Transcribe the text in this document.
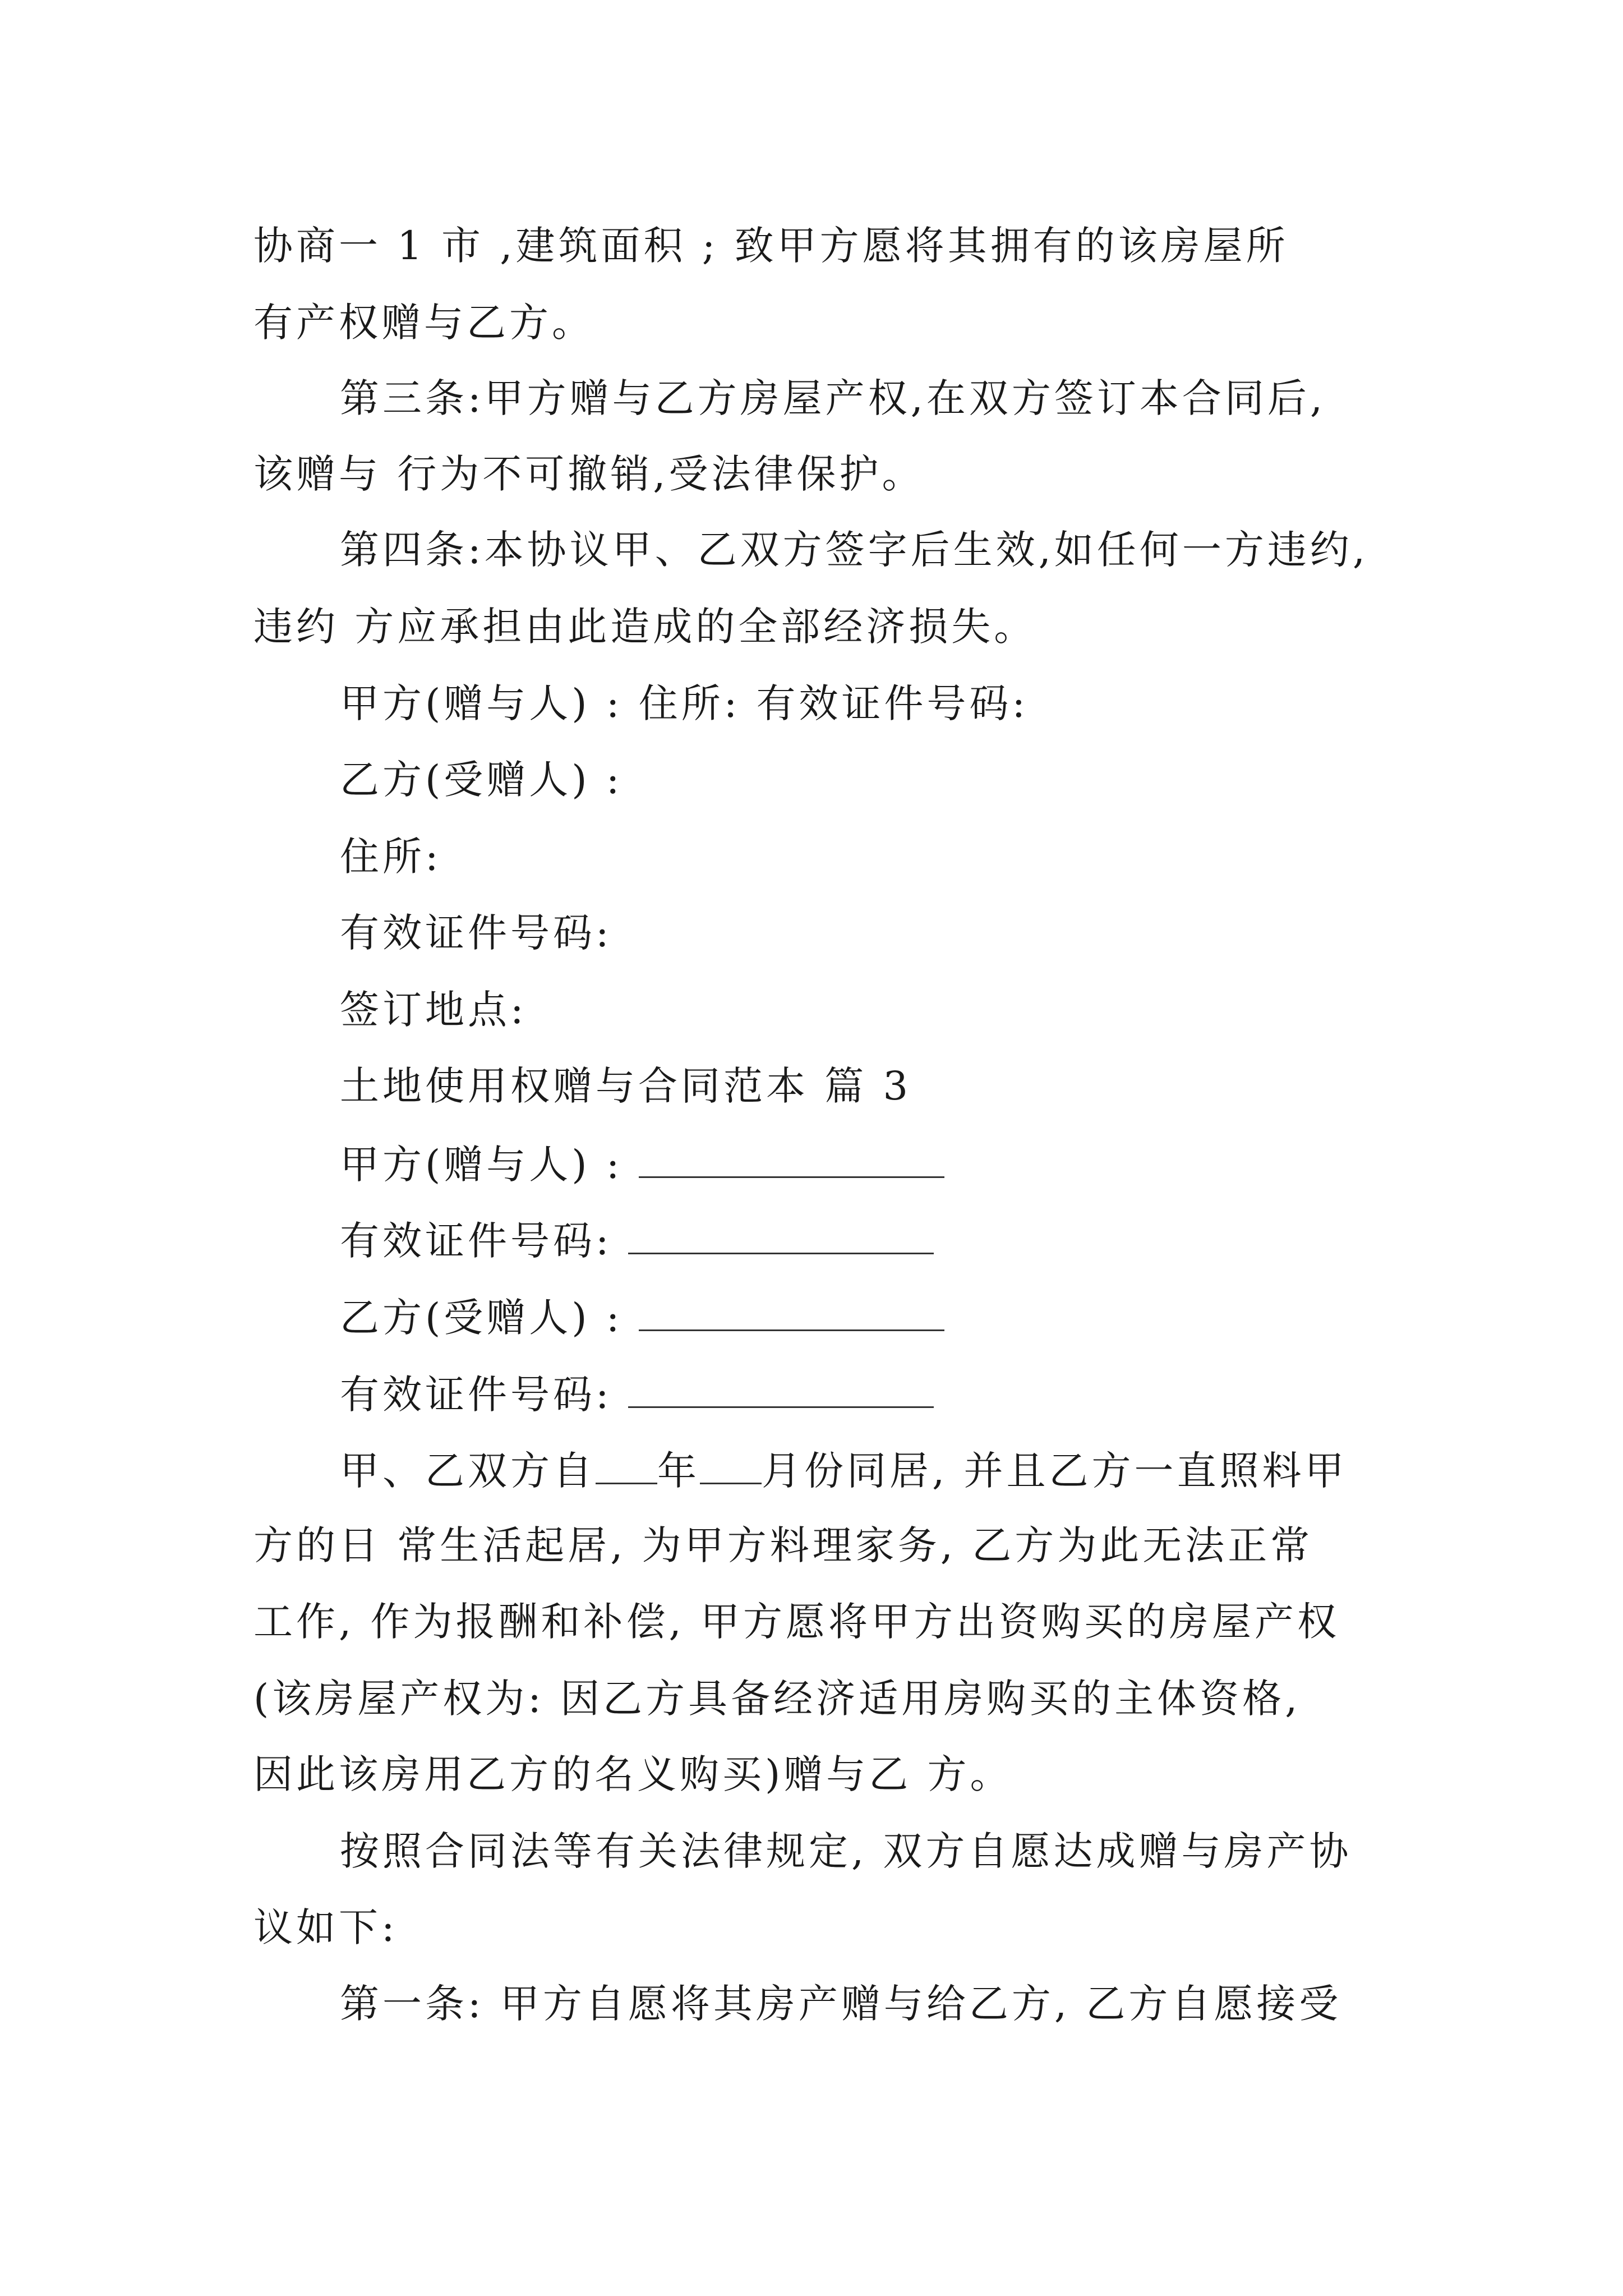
协商一 1 市 ,建筑面积 ; 致甲方愿将其拥有的该房屋所
有产权赠与乙方。
第三条:甲方赠与乙方房屋产权,在双方签订本合同后,
该赠与 行为不可撤销,受法律保护。
第四条:本协议甲、乙双方签字后生效,如任何一方违约,
违约 方应承担由此造成的全部经济损失。
甲方(赠与人) : 住所: 有效证件号码:
乙方(受赠人) :
住所:
有效证件号码:
签订地点:
土地使用权赠与合同范本 篇 3
甲方(赠与人) :
有效证件号码:
乙方(受赠人) :
有效证件号码:
甲、乙双方自 年 月份同居, 并且乙方一直照料甲
方的日 常生活起居, 为甲方料理家务, 乙方为此无法正常
工作, 作为报酬和补偿, 甲方愿将甲方出资购买的房屋产权
(该房屋产权为: 因乙方具备经济适用房购买的主体资格,
因此该房用乙方的名义购买)赠与乙 方。
按照合同法等有关法律规定, 双方自愿达成赠与房产协
议如下:
第一条: 甲方自愿将其房产赠与给乙方, 乙方自愿接受
